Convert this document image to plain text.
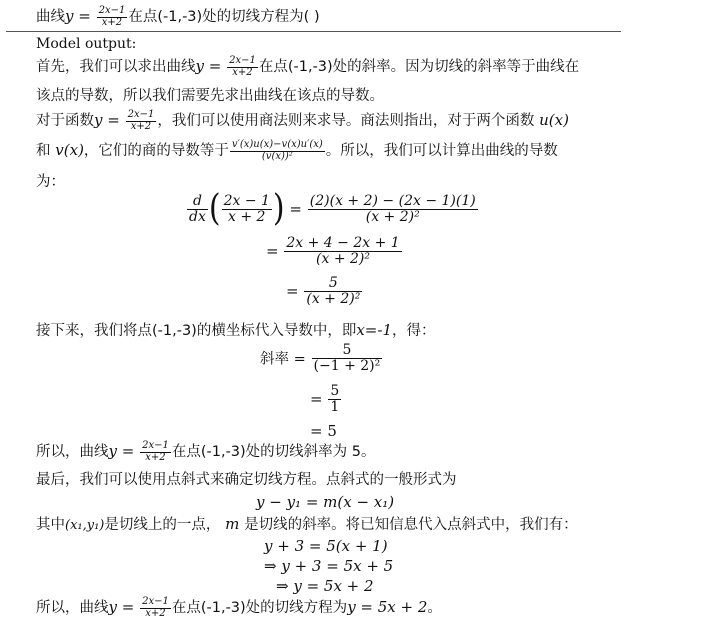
曲线$y = \frac{2x-1}{x+2}$ 在点(-1,-3)处的切线方程为( )
Model output:
首先，我们可以求出曲线$y = \frac{2x-1}{x+2}$ 在点(-1,-3)处的斜率。因为切线的斜率等于曲线在
该点的导数，所以我们需要先求出曲线在该点的导数。
对于函数$y = \frac{2x-1}{x+2}$ ，我们可以使用商法则来求导。商法则指出，对于两个函数 u(x)
和 v(x)，它们的商的导数等于 $\frac{v'(x)u(x)-v(x)u'(x)}{\text{(v(x))²}}$ 。所以，我们可以计算出曲线的导数
为：
$\frac{d}{dx}$ ( $\frac{2x - 1}{x + 2}$ ) = $\frac{(2)(x + 2) - (2x - 1)(1)}{\text{(x + 2)²}}$
= $\frac{2x + 4 - 2x + 1}{\text{(x + 2)²}}$
= $\frac{5}{\text{(x + 2)²}}$
接下来，我们将点(-1,-3)的横坐标代入导数中，即x=-1，得：
斜率 = $\frac{5}{\text{(−1 + 2)²}}$
= $\frac{5}{1}$
= 5
所以，曲线$y = \frac{2x-1}{x+2}$ 在点(-1,-3)处的切线斜率为 5。
最后，我们可以使用点斜式来确定切线方程。点斜式的一般形式为
y − y₁ = m(x − x₁)
其中(x₁,y₁)是切线上的一点， m 是切线的斜率。将已知信息代入点斜式中，我们有：
y + 3 = 5(x + 1)
⇒ y + 3 = 5x + 5
⇒ y = 5x + 2
所以，曲线$y = \frac{2x-1}{x+2}$ 在点(-1,-3)处的切线方程为y = 5x + 2。
